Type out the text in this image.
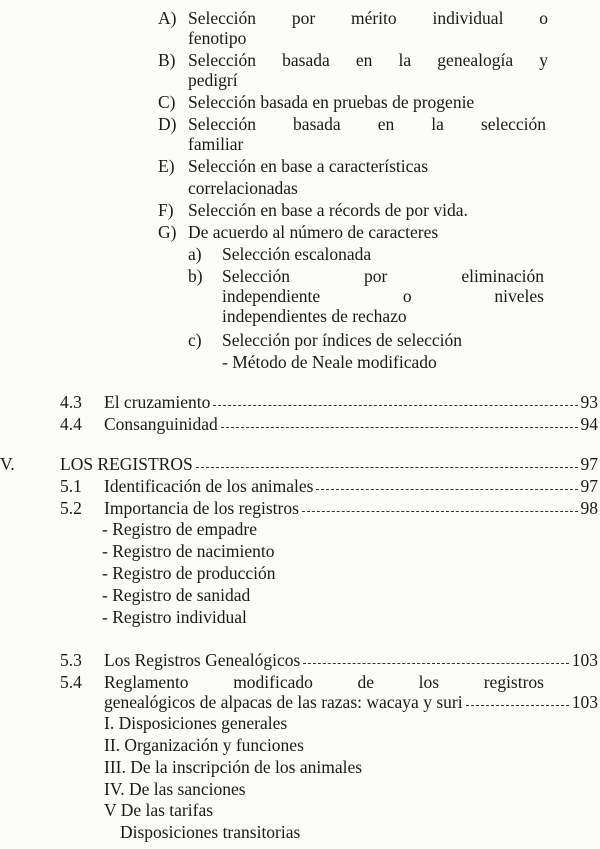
A) Selección por mérito individual o
fenotipo
B) Selección basada en la genealogía y
pedigrí
C) Selección basada en pruebas de progenie
D) Selección basada en la selección
familiar
E) Selección en base a características
correlacionadas
F) Selección en base a récords de por vida.
G) De acuerdo al número de caracteres
a) Selección escalonada
b) Selección por eliminación
independiente o niveles
independientes de rechazo
c) Selección por índices de selección
- Método de Neale modificado
4.3	El cruzamiento	93
4.4	Consanguinidad	94
V.	LOS REGISTROS	97
5.1	Identificación de los animales	97
5.2	Importancia de los registros	98
- Registro de empadre
- Registro de nacimiento
- Registro de producción
- Registro de sanidad
- Registro individual
5.3	Los Registros Genealógicos	103
5.4 Reglamento modificado de los registros
genealógicos de alpacas de las razas: wacaya y suri	103
I. Disposiciones generales
II. Organización y funciones
III. De la inscripción de los animales
IV. De las sanciones
V De las tarifas
Disposiciones transitorias
